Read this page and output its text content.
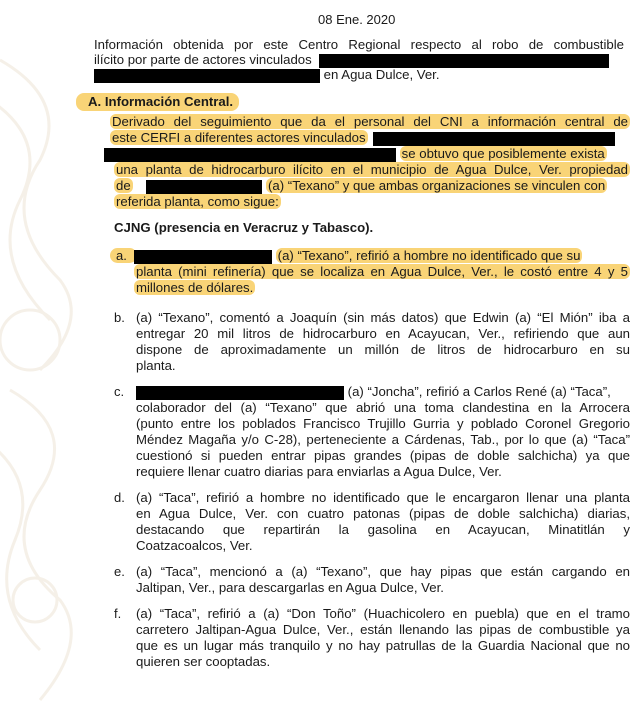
08 Ene. 2020
Información obtenida por este Centro Regional respecto al robo de combustible
ilícito por parte de actores vinculados
en Agua Dulce, Ver.
A. Información Central.
Derivado del seguimiento que da el personal del CNI a información central de
este CERFI a diferentes actores vinculados
se obtuvo que posiblemente exista
una planta de hidrocarburo ilícito en el municipio de Agua Dulce, Ver. propiedad
de	(a) “Texano” y que ambas organizaciones se vinculen con
referida planta, como sigue:
CJNG (presencia en Veracruz y Tabasco).
a.	(a) “Texano”, refirió a hombre no identificado que su
planta (mini refinería) que se localiza en Agua Dulce, Ver., le costó entre 4 y 5
millones de dólares.
b. (a) “Texano”, comentó a Joaquín (sin más datos) que Edwin (a) “El Mión” iba a
entregar 20 mil litros de hidrocarburo en Acayucan, Ver., refiriendo que aun
dispone de aproximadamente un millón de litros de hidrocarburo en su
planta.
c.	(a) “Joncha”, refirió a Carlos René (a) “Taca”,
colaborador del (a) “Texano” que abrió una toma clandestina en la Arrocera
(punto entre los poblados Francisco Trujillo Gurria y poblado Coronel Gregorio
Méndez Magaña y/o C-28), perteneciente a Cárdenas, Tab., por lo que (a) “Taca”
cuestionó si pueden entrar pipas grandes (pipas de doble salchicha) ya que
requiere llenar cuatro diarias para enviarlas a Agua Dulce, Ver.
d. (a) “Taca”, refirió a hombre no identificado que le encargaron llenar una planta
en Agua Dulce, Ver. con cuatro patonas (pipas de doble salchicha) diarias,
destacando que repartirán la gasolina en Acayucan, Minatitlán y
Coatzacoalcos, Ver.
e. (a) “Taca”, mencionó a (a) “Texano”, que hay pipas que están cargando en
Jaltipan, Ver., para descargarlas en Agua Dulce, Ver.
f. (a) “Taca”, refirió a (a) “Don Toño” (Huachicolero en puebla) que en el tramo
carretero Jaltipan-Agua Dulce, Ver., están llenando las pipas de combustible ya
que es un lugar más tranquilo y no hay patrullas de la Guardia Nacional que no
quieren ser cooptadas.
